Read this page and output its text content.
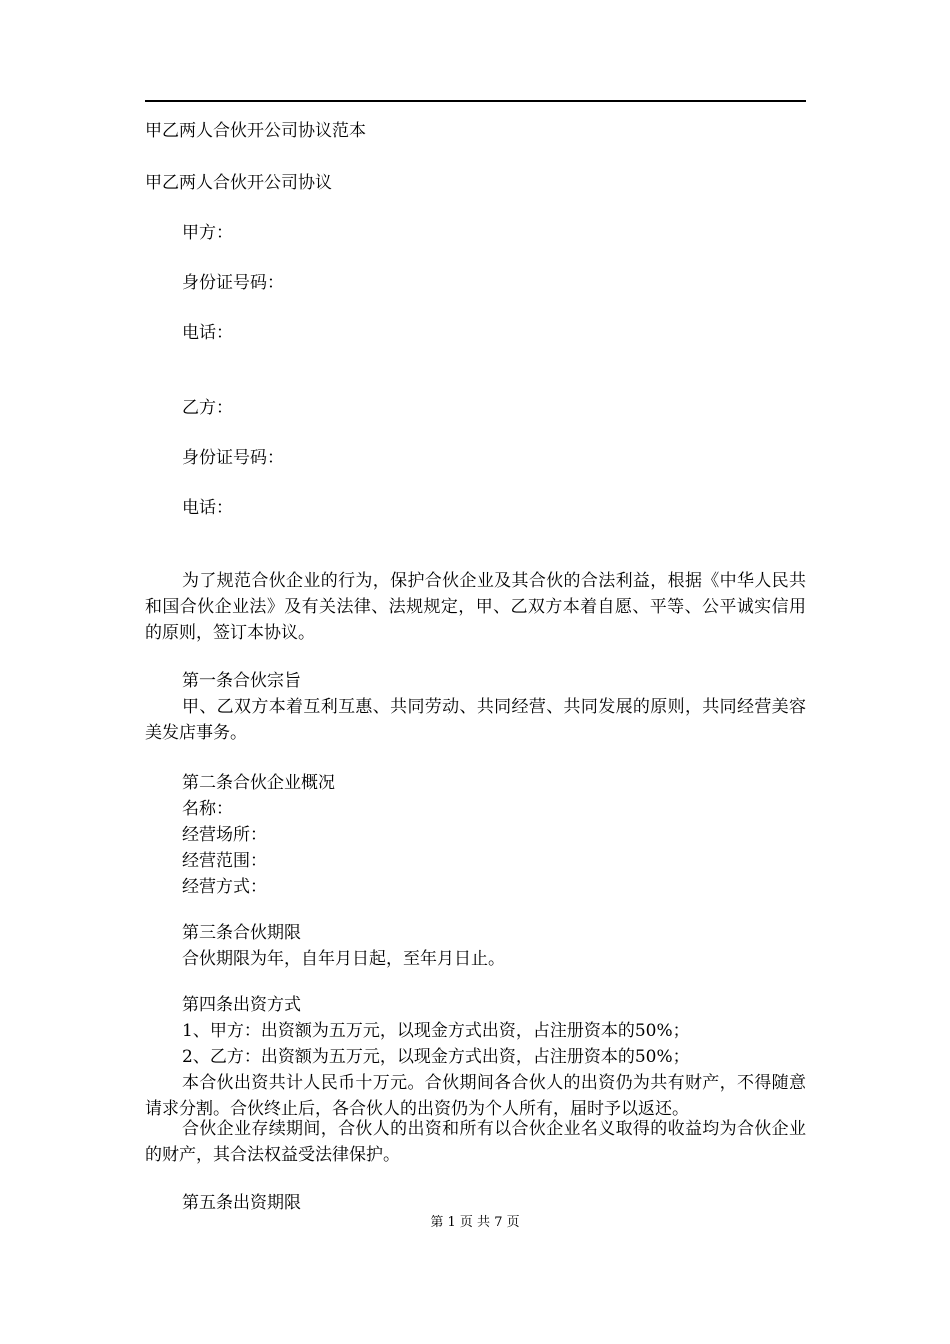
甲乙两人合伙开公司协议范本
甲乙两人合伙开公司协议
甲方：
身份证号码：
电话：
乙方：
身份证号码：
电话：
为了规范合伙企业的行为，保护合伙企业及其合伙的合法利益，根据《中华人民共和国合伙企业法》及有关法律、法规规定，甲、乙双方本着自愿、平等、公平诚实信用的原则，签订本协议。
第一条合伙宗旨
甲、乙双方本着互利互惠、共同劳动、共同经营、共同发展的原则，共同经营美容美发店事务。
第二条合伙企业概况
名称：
经营场所：
经营范围：
经营方式：
第三条合伙期限
合伙期限为年，自年月日起，至年月日止。
第四条出资方式
1、甲方：出资额为五万元，以现金方式出资，占注册资本的50%；
2、乙方：出资额为五万元，以现金方式出资，占注册资本的50%；
本合伙出资共计人民币十万元。合伙期间各合伙人的出资仍为共有财产，不得随意请求分割。合伙终止后，各合伙人的出资仍为个人所有，届时予以返还。
合伙企业存续期间，合伙人的出资和所有以合伙企业名义取得的收益均为合伙企业的财产，其合法权益受法律保护。
第五条出资期限
第 1 页 共 7 页
